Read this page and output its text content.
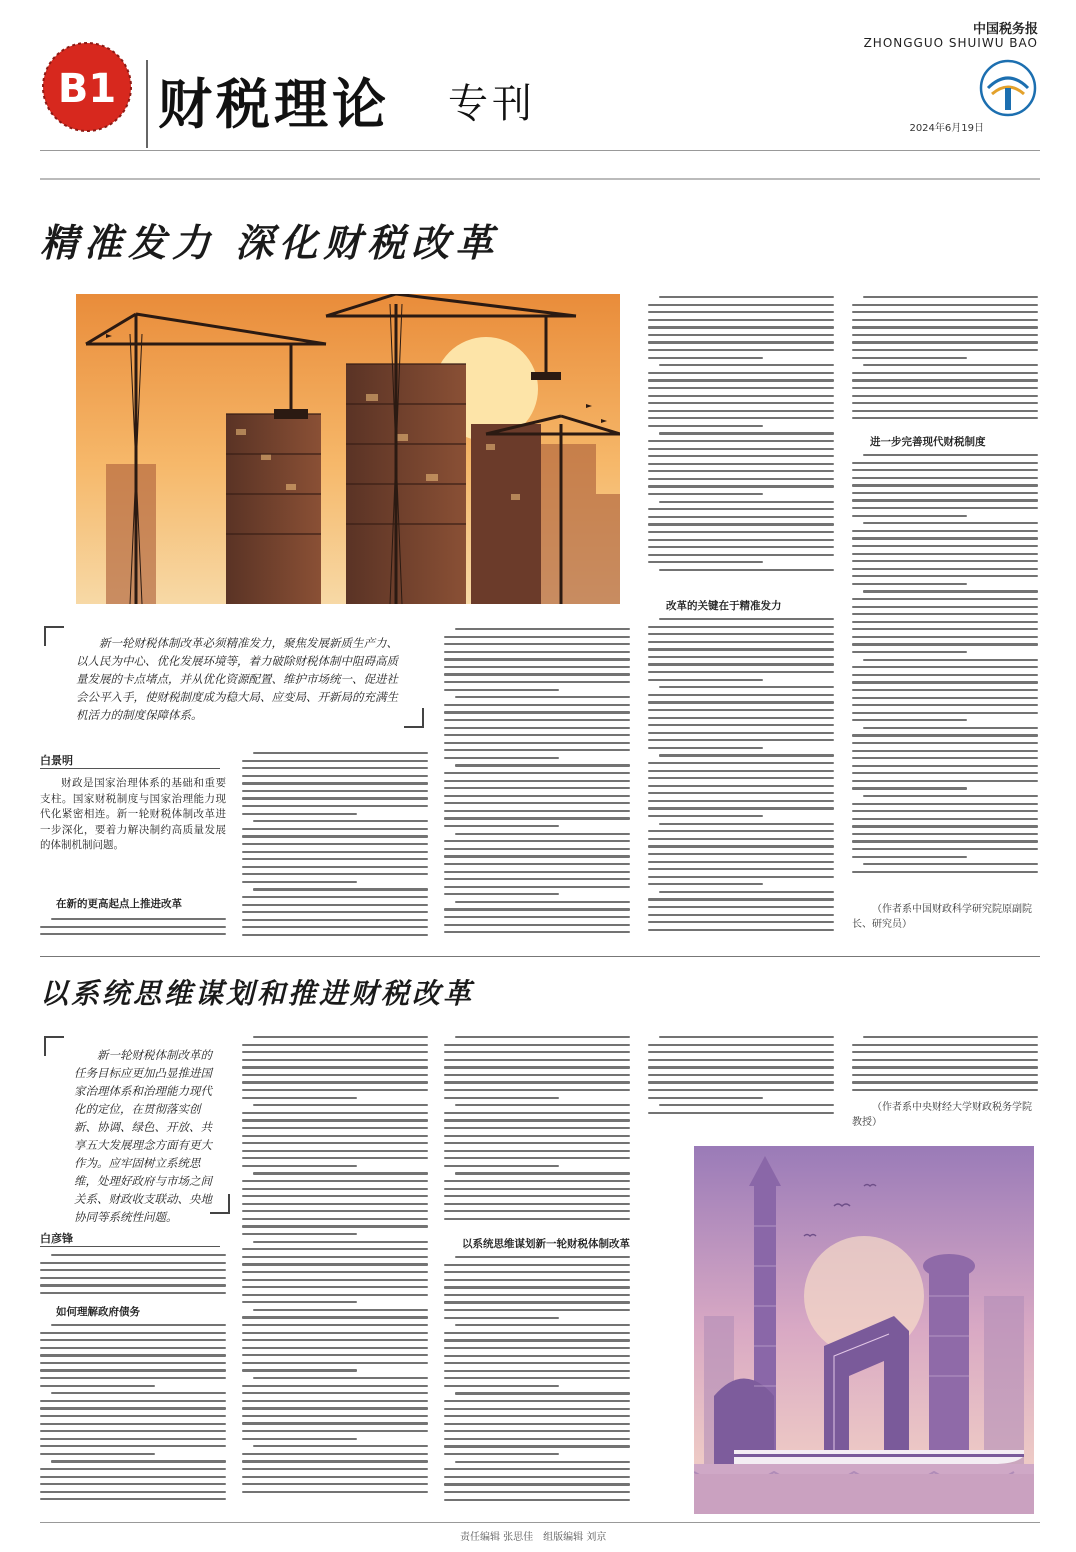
B1 财税理论 专刊
中国税务报
ZHONGGUO SHUIWU BAO
2024年6月19日
精准发力 深化财税改革
新一轮财税体制改革必须精准发力，聚焦发展新质生产力、以人民为中心、优化发展环境等，着力破除财税体制中阻碍高质量发展的卡点堵点，并从优化资源配置、维护市场统一、促进社会公平入手，使财税制度成为稳大局、应变局、开新局的充满生机活力的制度保障体系。
白景明
财政是国家治理体系的基础和重要支柱。国家财税制度与国家治理能力现代化紧密相连。新一轮财税体制改革进一步深化，要着力解决制约高质量发展的体制机制问题。
在新的更高起点上推进改革
改革的关键在于精准发力
进一步完善现代财税制度
（作者系中国财政科学研究院原副院长、研究员）
以系统思维谋划和推进财税改革
新一轮财税体制改革的任务目标应更加凸显推进国家治理体系和治理能力现代化的定位，在贯彻落实创新、协调、绿色、开放、共享五大发展理念方面有更大作为。应牢固树立系统思维，处理好政府与市场之间关系、财政收支联动、央地协同等系统性问题。
白彦锋
如何理解政府债务
以系统思维谋划新一轮财税体制改革
（作者系中央财经大学财政税务学院教授）
责任编辑 张思佳　组版编辑 刘京
